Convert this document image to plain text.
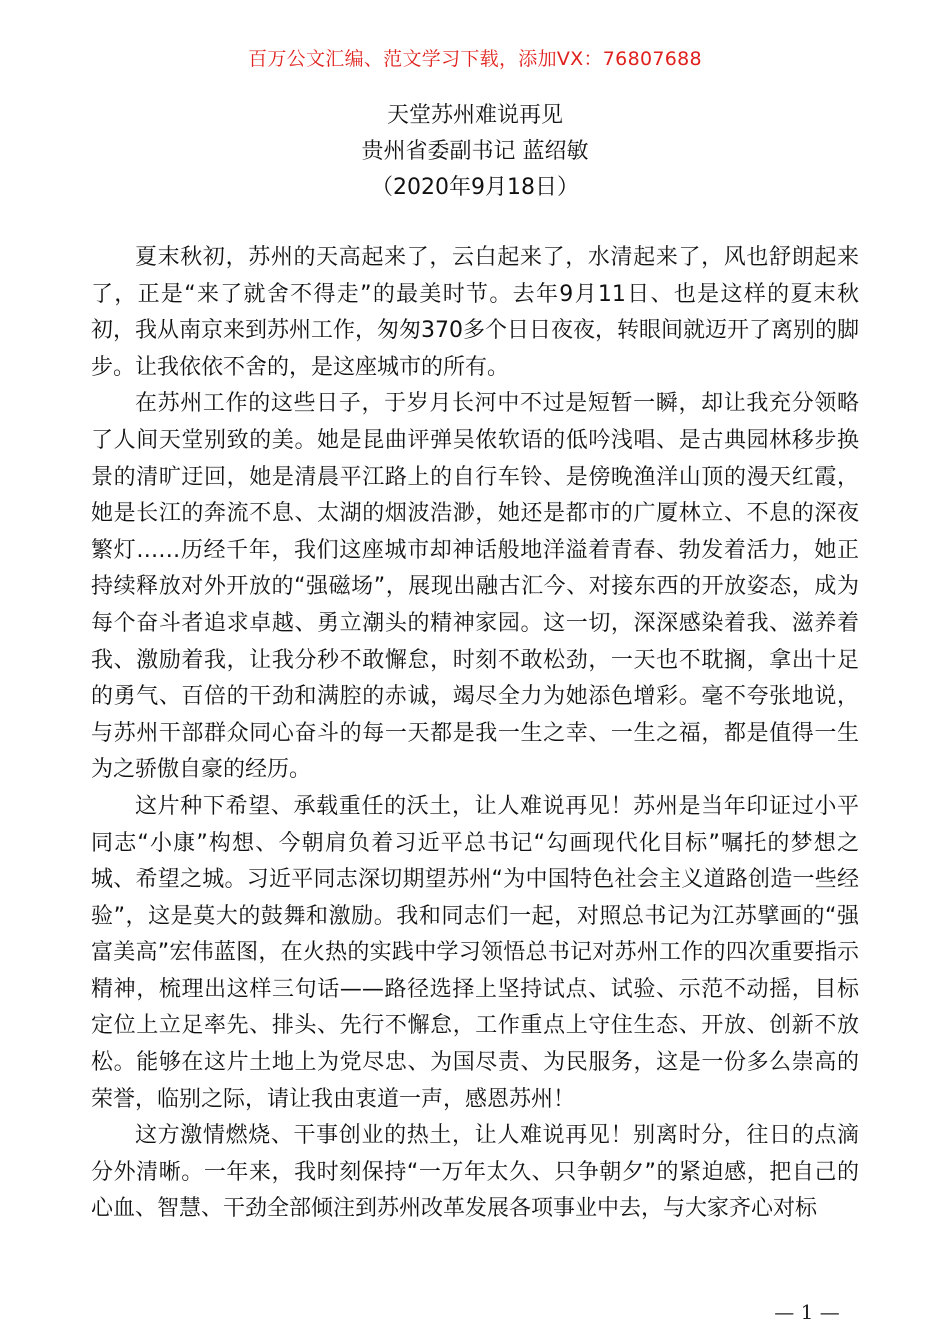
百万公文汇编、范文学习下载，添加VX：76807688
天堂苏州难说再见
贵州省委副书记 蓝绍敏
（2020年9月18日）

夏末秋初，苏州的天高起来了，云白起来了，水清起来了，风也舒朗起来了，正是“来了就舍不得走”的最美时节。去年9月11日、也是这样的夏末秋初，我从南京来到苏州工作，匆匆370多个日日夜夜，转眼间就迈开了离别的脚步。让我依依不舍的，是这座城市的所有。

在苏州工作的这些日子，于岁月长河中不过是短暂一瞬，却让我充分领略了人间天堂别致的美。她是昆曲评弹吴侬软语的低吟浅唱、是古典园林移步换景的清旷迂回，她是清晨平江路上的自行车铃、是傍晚渔洋山顶的漫天红霞，她是长江的奔流不息、太湖的烟波浩渺，她还是都市的广厦林立、不息的深夜繁灯……历经千年，我们这座城市却神话般地洋溢着青春、勃发着活力，她正持续释放对外开放的“强磁场”，展现出融古汇今、对接东西的开放姿态，成为每个奋斗者追求卓越、勇立潮头的精神家园。这一切，深深感染着我、滋养着我、激励着我，让我分秒不敢懈怠，时刻不敢松劲，一天也不耽搁，拿出十足的勇气、百倍的干劲和满腔的赤诚，竭尽全力为她添色增彩。毫不夸张地说，与苏州干部群众同心奋斗的每一天都是我一生之幸、一生之福，都是值得一生为之骄傲自豪的经历。

这片种下希望、承载重任的沃土，让人难说再见！苏州是当年印证过小平同志“小康”构想、今朝肩负着习近平总书记“勾画现代化目标”嘱托的梦想之城、希望之城。习近平同志深切期望苏州“为中国特色社会主义道路创造一些经验”，这是莫大的鼓舞和激励。我和同志们一起，对照总书记为江苏擘画的“强富美高”宏伟蓝图，在火热的实践中学习领悟总书记对苏州工作的四次重要指示精神，梳理出这样三句话——路径选择上坚持试点、试验、示范不动摇，目标定位上立足率先、排头、先行不懈怠，工作重点上守住生态、开放、创新不放松。能够在这片土地上为党尽忠、为国尽责、为民服务，这是一份多么崇高的荣誉，临别之际，请让我由衷道一声，感恩苏州！

这方激情燃烧、干事创业的热土，让人难说再见！别离时分，往日的点滴分外清晰。一年来，我时刻保持“一万年太久、只争朝夕”的紧迫感，把自己的心血、智慧、干劲全部倾注到苏州改革发展各项事业中去，与大家齐心对标

— 1 —
